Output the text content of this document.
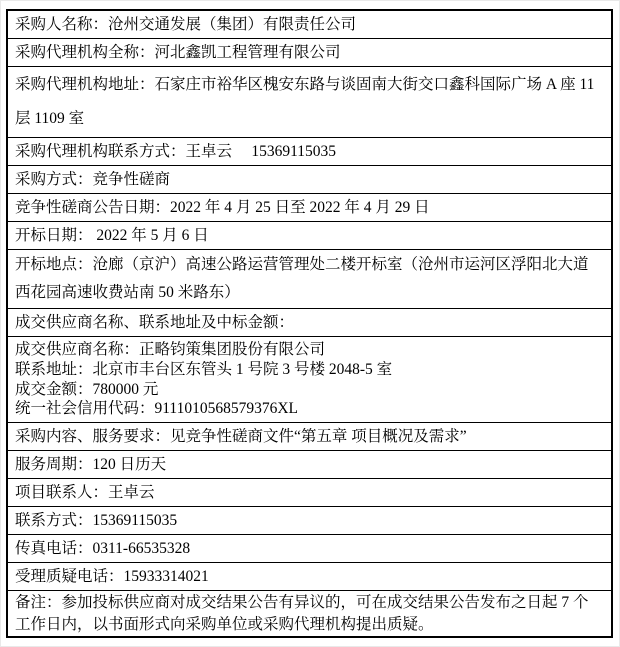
采购人名称：沧州交通发展（集团）有限责任公司

采购代理机构全称：河北鑫凯工程管理有限公司

采购代理机构地址：石家庄市裕华区槐安东路与谈固南大街交口鑫科国际广场 A 座 11

层 1109 室

采购代理机构联系方式：王卓云　 15369115035

采购方式：竞争性磋商

竞争性磋商公告日期：2022 年 4 月 25 日至 2022 年 4 月 29 日

开标日期： 2022 年 5 月 6 日

开标地点：沧廊（京沪）高速公路运营管理处二楼开标室（沧州市运河区浮阳北大道

西花园高速收费站南 50 米路东）

成交供应商名称、联系地址及中标金额：

成交供应商名称：正略钧策集团股份有限公司

联系地址：北京市丰台区东管头 1 号院 3 号楼 2048-5 室

成交金额：780000 元

统一社会信用代码：9111010568579376XL

采购内容、服务要求：见竞争性磋商文件“第五章 项目概况及需求”

服务周期：120 日历天

项目联系人：王卓云

联系方式：15369115035

传真电话：0311-66535328

受理质疑电话：15933314021

备注：参加投标供应商对成交结果公告有异议的，可在成交结果公告发布之日起 7 个

工作日内，以书面形式向采购单位或采购代理机构提出质疑。
